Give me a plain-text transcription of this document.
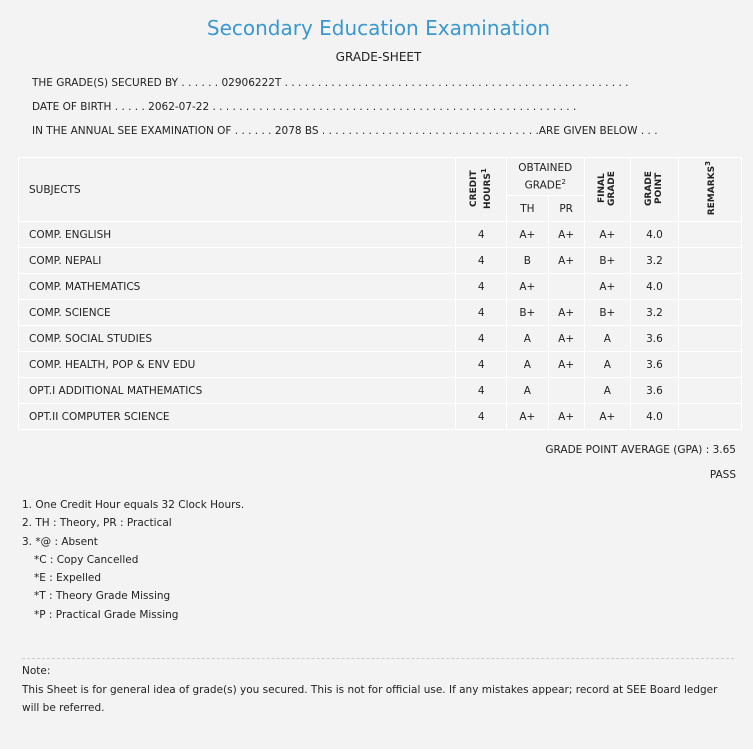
Secondary Education Examination
GRADE-SHEET
THE GRADE(S) SECURED BY . . . . . . 02906222T . . . . . . . . . . . . . . . . . . . . . . . . . . . . . . . . . . . . . . . . . . . . . . . . . . . .
DATE OF BIRTH . . . . . 2062-07-22 . . . . . . . . . . . . . . . . . . . . . . . . . . . . . . . . . . . . . . . . . . . . . . . . . . . . . . .
IN THE ANNUAL SEE EXAMINATION OF . . . . . . 2078 BS . . . . . . . . . . . . . . . . . . . . . . . . . . . . . . . . .ARE GIVEN BELOW . . .
SUBJECTS	CREDIT HOURS$^1$	OBTAINED GRADE$^2$		FINAL GRADE	GRADE POINT	REMARKS$^3$
		TH	PR			
COMP. ENGLISH	4	A+	A+	A+	4.0	
COMP. NEPALI	4	B	A+	B+	3.2	
COMP. MATHEMATICS	4	A+		A+	4.0	
COMP. SCIENCE	4	B+	A+	B+	3.2	
COMP. SOCIAL STUDIES	4	A	A+	A	3.6	
COMP. HEALTH, POP & ENV EDU	4	A	A+	A	3.6	
OPT.I ADDITIONAL MATHEMATICS	4	A		A	3.6	
OPT.II COMPUTER SCIENCE	4	A+	A+	A+	4.0	
GRADE POINT AVERAGE (GPA) : 3.65
PASS
1. One Credit Hour equals 32 Clock Hours.
2. TH : Theory, PR : Practical
3. *@ : Absent
*C : Copy Cancelled
*E : Expelled
*T : Theory Grade Missing
*P : Practical Grade Missing
Note:
This Sheet is for general idea of grade(s) you secured. This is not for official use. If any mistakes appear; record at SEE Board ledger will be referred.
